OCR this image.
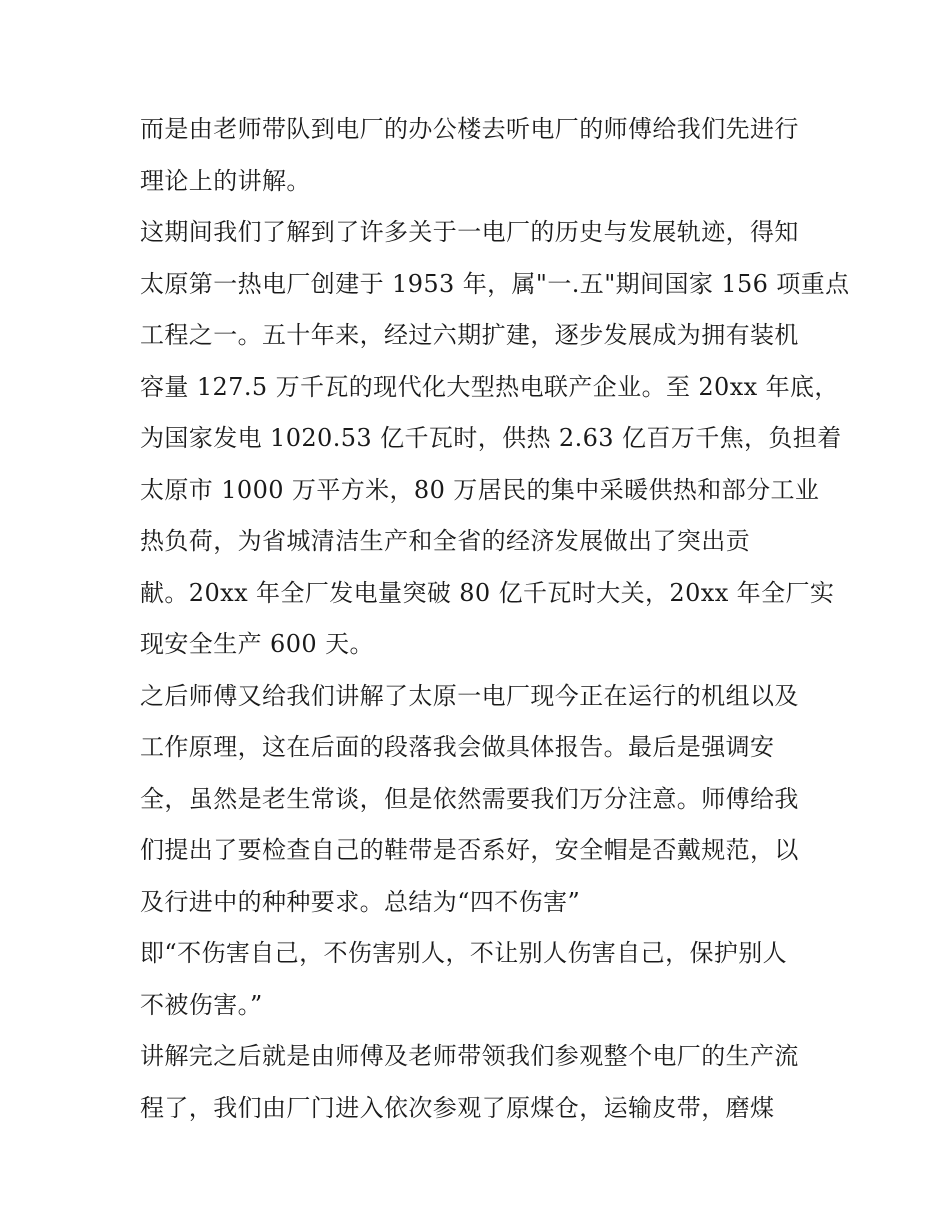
而是由老师带队到电厂的办公楼去听电厂的师傅给我们先进行
理论上的讲解。
这期间我们了解到了许多关于一电厂的历史与发展轨迹，得知
太原第一热电厂创建于 1953 年，属"一.五"期间国家 156 项重点
工程之一。五十年来，经过六期扩建，逐步发展成为拥有装机
容量 127.5 万千瓦的现代化大型热电联产企业。至 20xx 年底，
为国家发电 1020.53 亿千瓦时，供热 2.63 亿百万千焦，负担着
太原市 1000 万平方米，80 万居民的集中采暖供热和部分工业
热负荷，为省城清洁生产和全省的经济发展做出了突出贡
献。20xx 年全厂发电量突破 80 亿千瓦时大关，20xx 年全厂实
现安全生产 600 天。
之后师傅又给我们讲解了太原一电厂现今正在运行的机组以及
工作原理，这在后面的段落我会做具体报告。最后是强调安
全，虽然是老生常谈，但是依然需要我们万分注意。师傅给我
们提出了要检查自己的鞋带是否系好，安全帽是否戴规范，以
及行进中的种种要求。总结为“四不伤害”
即“不伤害自己，不伤害别人，不让别人伤害自己，保护别人
不被伤害。”
讲解完之后就是由师傅及老师带领我们参观整个电厂的生产流
程了，我们由厂门进入依次参观了原煤仓，运输皮带，磨煤
